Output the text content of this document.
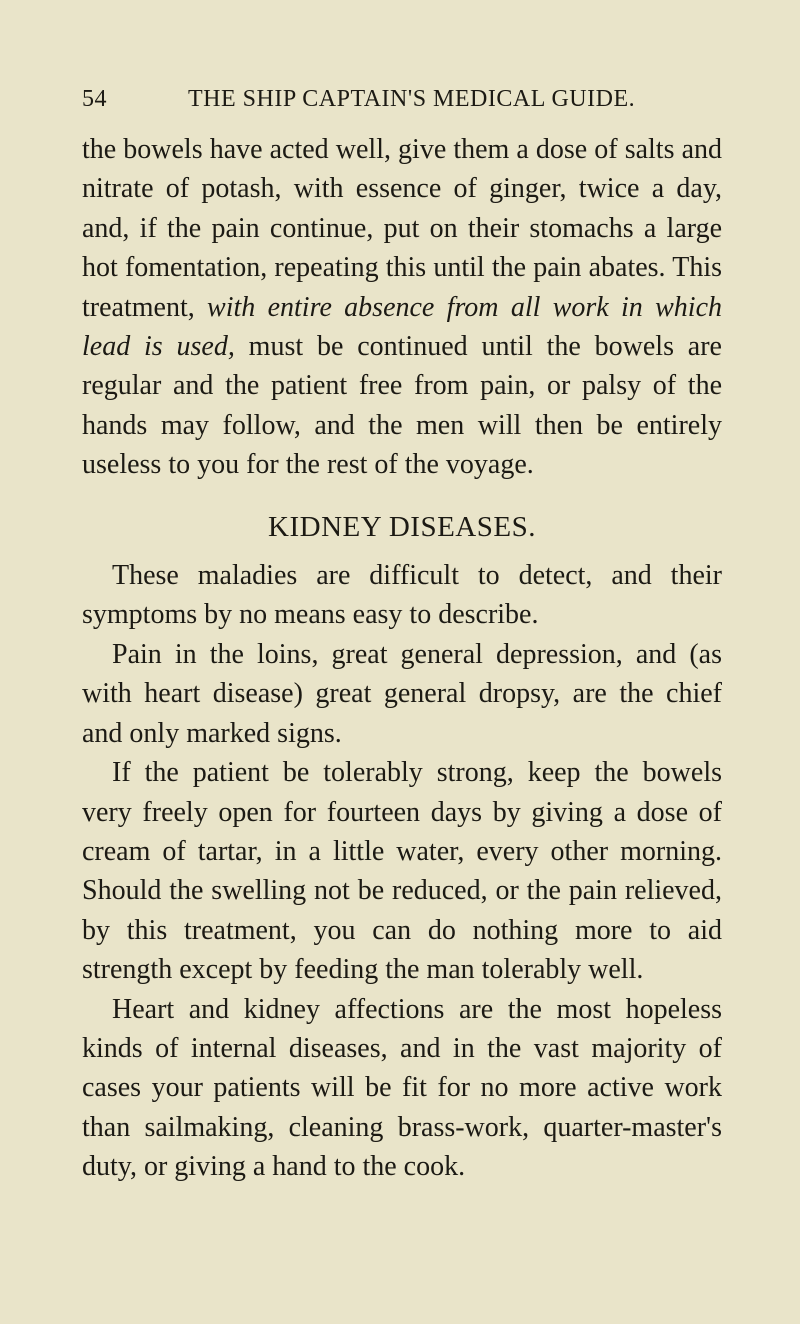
54	THE SHIP CAPTAIN'S MEDICAL GUIDE.

the bowels have acted well, give them a dose of salts and nitrate of potash, with essence of ginger, twice a day, and, if the pain continue, put on their stomachs a large hot fomentation, repeating this until the pain abates. This treatment, with entire absence from all work in which lead is used, must be continued until the bowels are regular and the patient free from pain, or palsy of the hands may follow, and the men will then be entirely useless to you for the rest of the voyage.

KIDNEY DISEASES.

These maladies are difficult to detect, and their symptoms by no means easy to describe.

Pain in the loins, great general depression, and (as with heart disease) great general dropsy, are the chief and only marked signs.

If the patient be tolerably strong, keep the bowels very freely open for fourteen days by giving a dose of cream of tartar, in a little water, every other morning. Should the swelling not be reduced, or the pain relieved, by this treatment, you can do nothing more to aid strength except by feeding the man tolerably well.

Heart and kidney affections are the most hopeless kinds of internal diseases, and in the vast majority of cases your patients will be fit for no more active work than sailmaking, cleaning brass-work, quarter-master's duty, or giving a hand to the cook.
